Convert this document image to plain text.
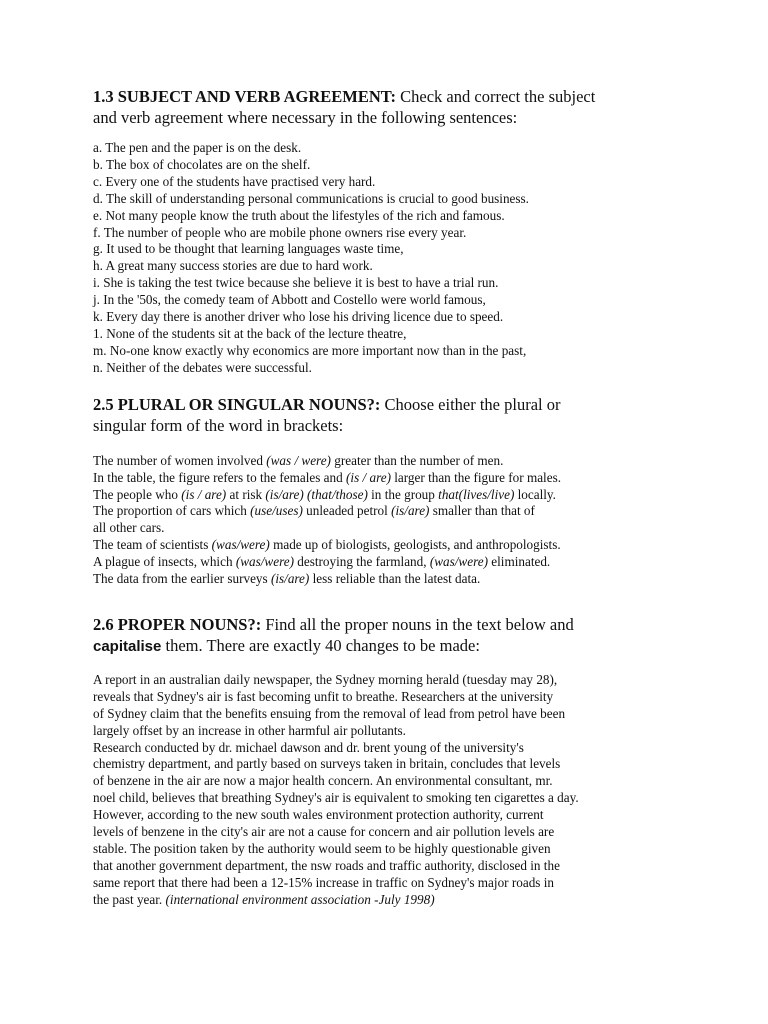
1.3 SUBJECT AND VERB AGREEMENT: Check and correct the subject
and verb agreement where necessary in the following sentences:
a. The pen and the paper is on the desk.
b. The box of chocolates are on the shelf.
c. Every one of the students have practised very hard.
d. The skill of understanding personal communications is crucial to good business.
e. Not many people know the truth about the lifestyles of the rich and famous.
f. The number of people who are mobile phone owners rise every year.
g. It used to be thought that learning languages waste time,
h. A great many success stories are due to hard work.
i. She is taking the test twice because she believe it is best to have a trial run.
j. In the '50s, the comedy team of Abbott and Costello were world famous,
k. Every day there is another driver who lose his driving licence due to speed.
1. None of the students sit at the back of the lecture theatre,
m. No-one know exactly why economics are more important now than in the past,
n. Neither of the debates were successful.
2.5 PLURAL OR SINGULAR NOUNS?: Choose either the plural or
singular form of the word in brackets:
The number of women involved (was / were) greater than the number of men.
In the table, the figure refers to the females and (is / are) larger than the figure for males.
The people who (is / are) at risk (is/are) (that/those) in the group that(lives/live) locally.
The proportion of cars which (use/uses) unleaded petrol (is/are) smaller than that of
all other cars.
The team of scientists (was/were) made up of biologists, geologists, and anthropologists.
A plague of insects, which (was/were) destroying the farmland, (was/were) eliminated.
The data from the earlier surveys (is/are) less reliable than the latest data.
2.6 PROPER NOUNS?: Find all the proper nouns in the text below and
capitalise them. There are exactly 40 changes to be made:
A report in an australian daily newspaper, the Sydney morning herald (tuesday may 28),
reveals that Sydney's air is fast becoming unfit to breathe. Researchers at the university
of Sydney claim that the benefits ensuing from the removal of lead from petrol have been
largely offset by an increase in other harmful air pollutants.
Research conducted by dr. michael dawson and dr. brent young of the university's
chemistry department, and partly based on surveys taken in britain, concludes that levels
of benzene in the air are now a major health concern. An environmental consultant, mr.
noel child, believes that breathing Sydney's air is equivalent to smoking ten cigarettes a day.
However, according to the new south wales environment protection authority, current
levels of benzene in the city's air are not a cause for concern and air pollution levels are
stable. The position taken by the authority would seem to be highly questionable given
that another government department, the nsw roads and traffic authority, disclosed in the
same report that there had been a 12-15% increase in traffic on Sydney's major roads in
the past year. (international environment association -July 1998)
